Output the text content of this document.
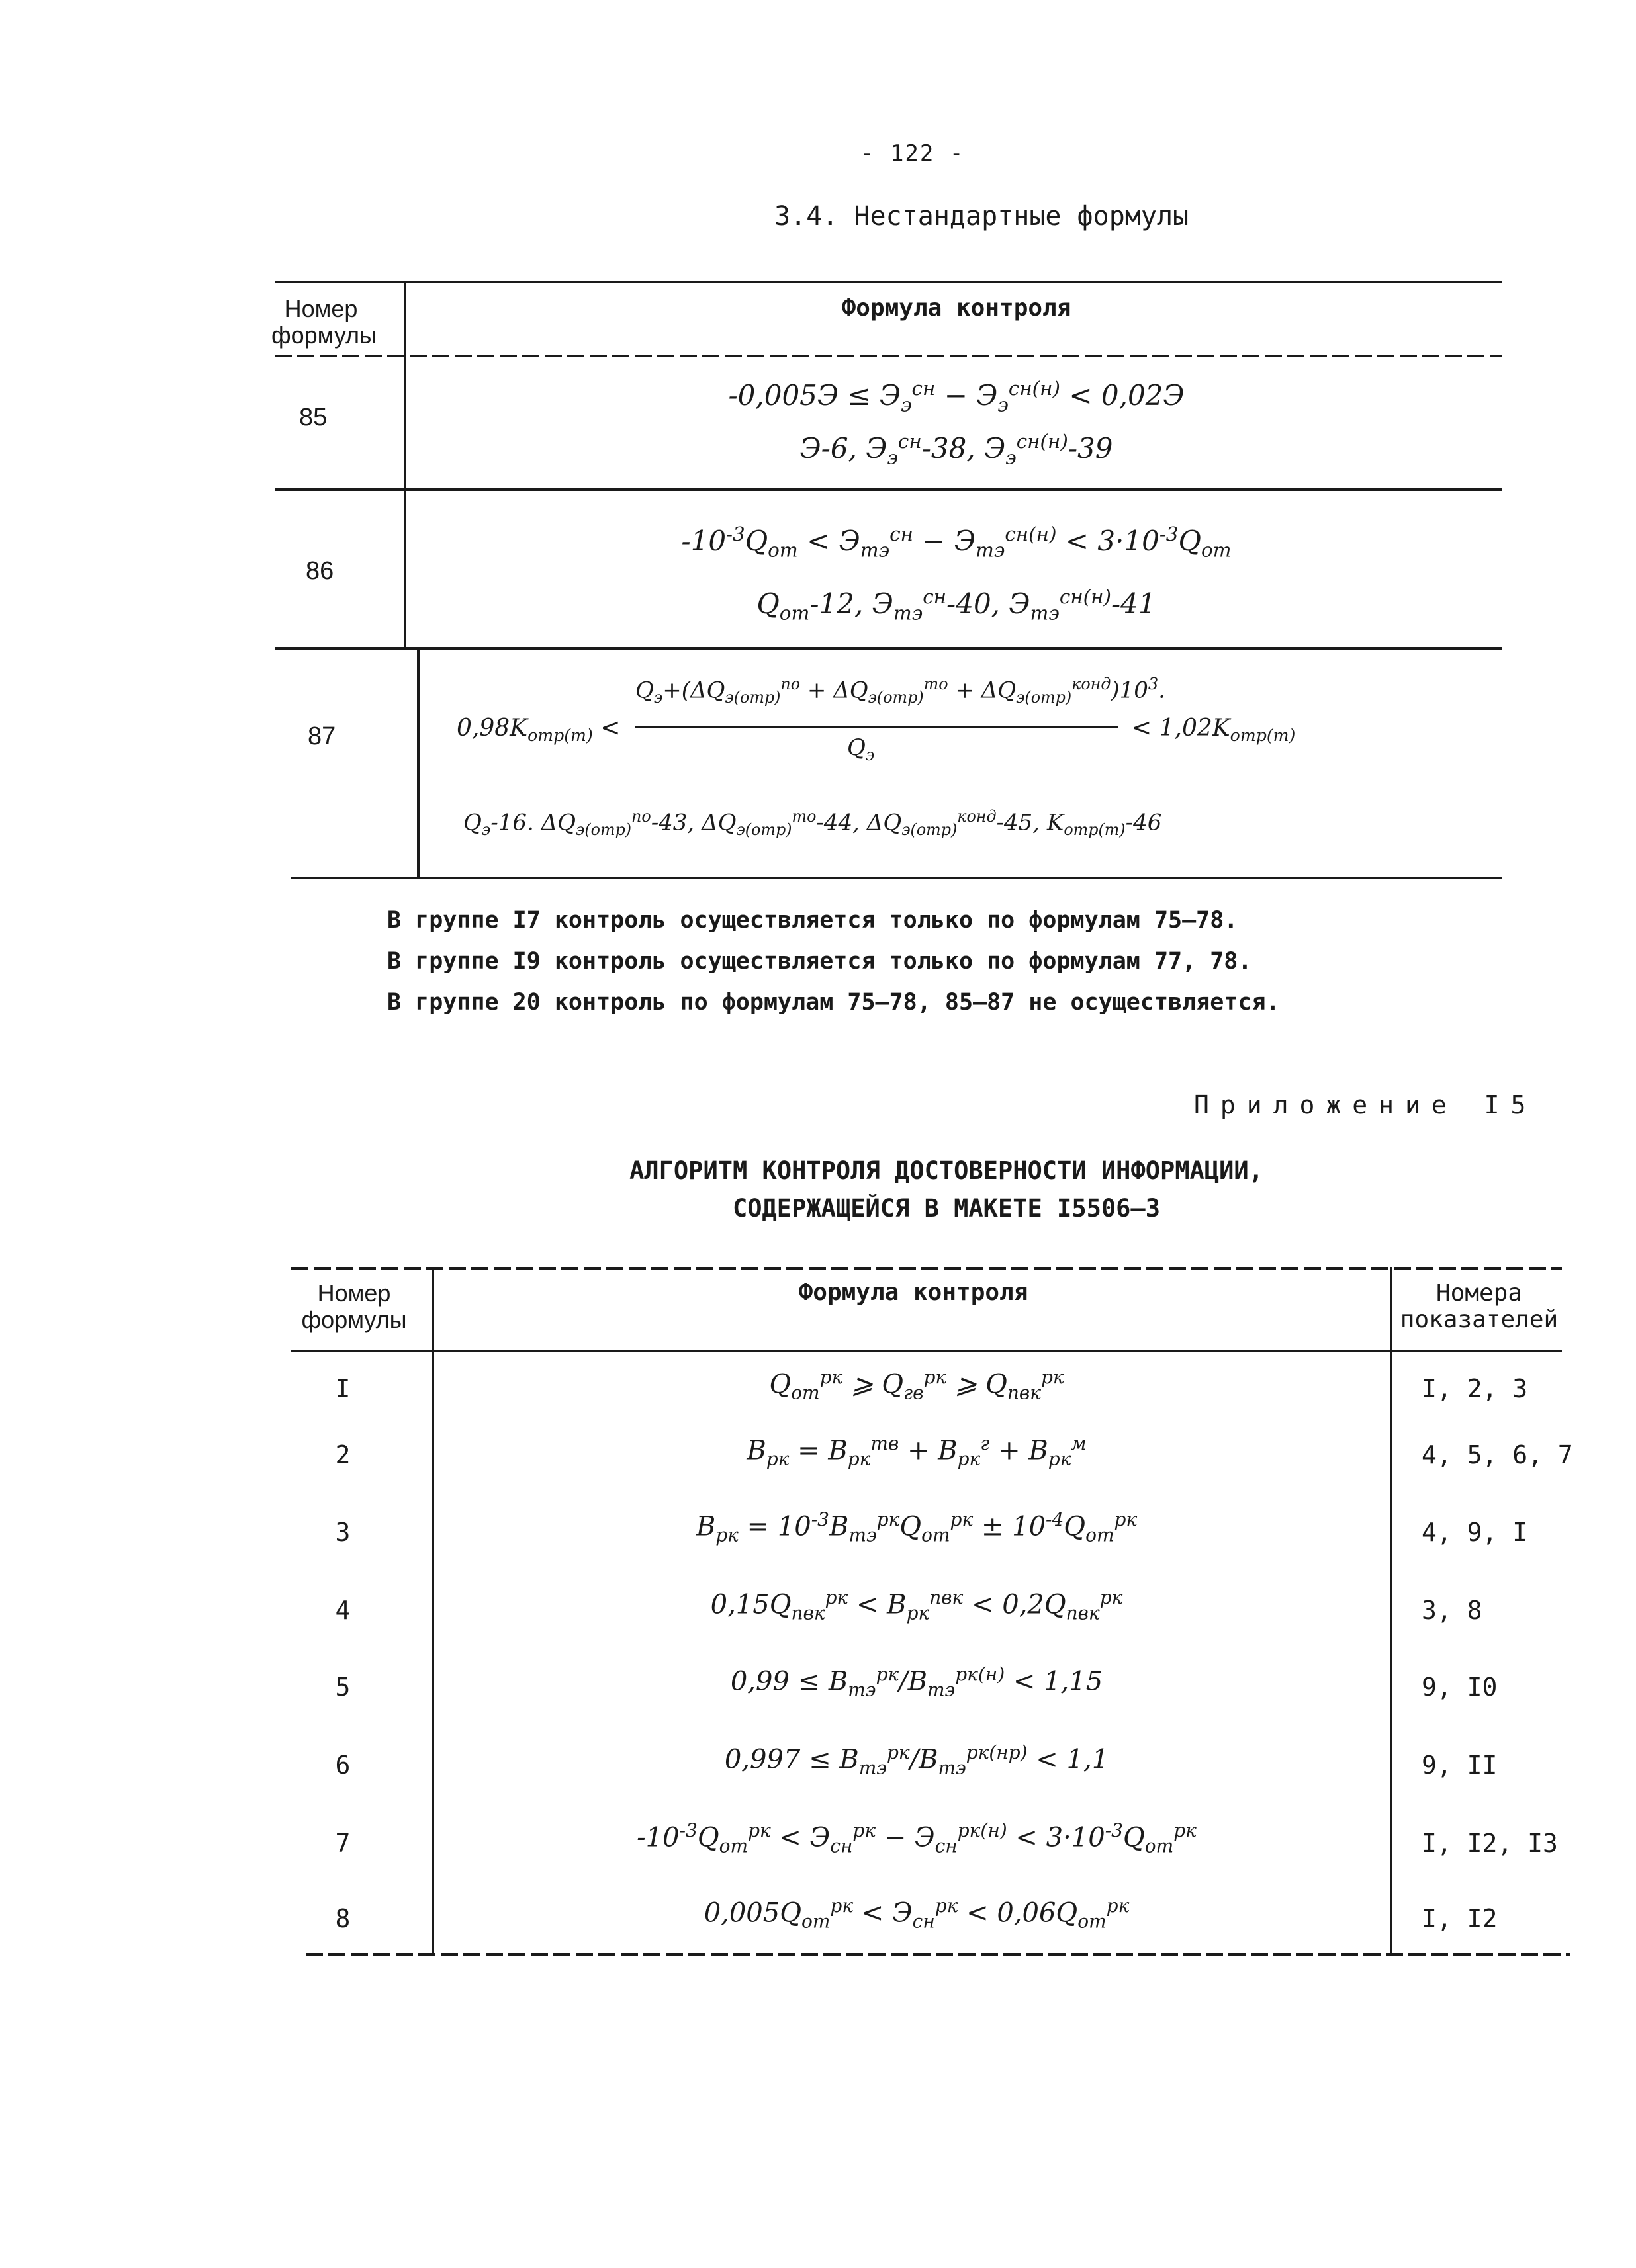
- 122 -
3.4. Нестандартные формулы
Номер формулы
Формула контроля
85
$-0,005Э \le Э_э^{сн} - Э_э^{сн(н)} < 0,02Э$
Э-6, $Э_э^{сн}-38$, $Э_э^{сн(н)}-39$
86
$-10^{-3}Q_{от} < Э_{тэ}^{сн} - Э_{тэ}^{сн(н)} < 3\cdot 10^{-3}Q_{от}$
$Q_{от}-12$, $Э_{тэ}^{сн}-40$, $Э_{тэ}^{сн(н)}-41$
87	$0,98K_{отр(т)}$ <
$Q_э+(\Delta Q_{э(отр)}^{по} + \Delta Q_{э(отр)}^{то} + \Delta Q_{э(отр)}^{конд})10^3$.
$Q_э$
< $1,02K_{отр(т)}$
$Q_э-16$. $\Delta Q_{э(отр)}^{по}-43$, $\Delta Q_{э(отр)}^{то}-44$, $\Delta Q_{э(отр)}^{конд}-45$, $K_{отр(т)}-46$
В группе I7 контроль осуществляется только по формулам 75–78.
В группе I9 контроль осуществляется только по формулам 77, 78.
В группе 20 контроль по формулам 75–78, 85–87 не осуществляется.
Приложение I5
АЛГОРИТМ КОНТРОЛЯ ДОСТОВЕРНОСТИ ИНФОРМАЦИИ,
СОДЕРЖАЩЕЙСЯ В МАКЕТЕ I5506–3
Номер формулы
Формула контроля	Номера показателей
I	$Q_{от}^{рк}$ ⩾ $Q_{гв}^{рк}$ ⩾ $Q_{пвк}^{рк}$	I, 2, 3
2	$B_{рк} = B_{рк}^{тв} + B_{рк}^г + B_{рк}^м$	4, 5, 6, 7
3	$B_{рк} = 10^{-3}B_{тэ}^{рк}Q_{от}^{рк} \pm 10^{-4}Q_{от}^{рк}$	4, 9, I
4	$0,15Q_{пвк}^{рк} < B_{рк}^{пвк} < 0,2Q_{пвк}^{рк}$	3, 8
5	$0,99 \le B_{тэ}^{рк}/B_{тэ}^{рк(н)} < 1,15$	9, I0
6	$0,997 \le B_{тэ}^{рк}/B_{тэ}^{рк(нр)} < 1,1$	9, II
7	$-10^{-3}Q_{от}^{рк} < Э_{сн}^{рк} - Э_{сн}^{рк(н)} < 3\cdot 10^{-3}Q_{от}^{рк}$	I, I2, I3
8	$0,005Q_{от}^{рк} < Э_{сн}^{рк} < 0,06Q_{от}^{рк}$	I, I2
